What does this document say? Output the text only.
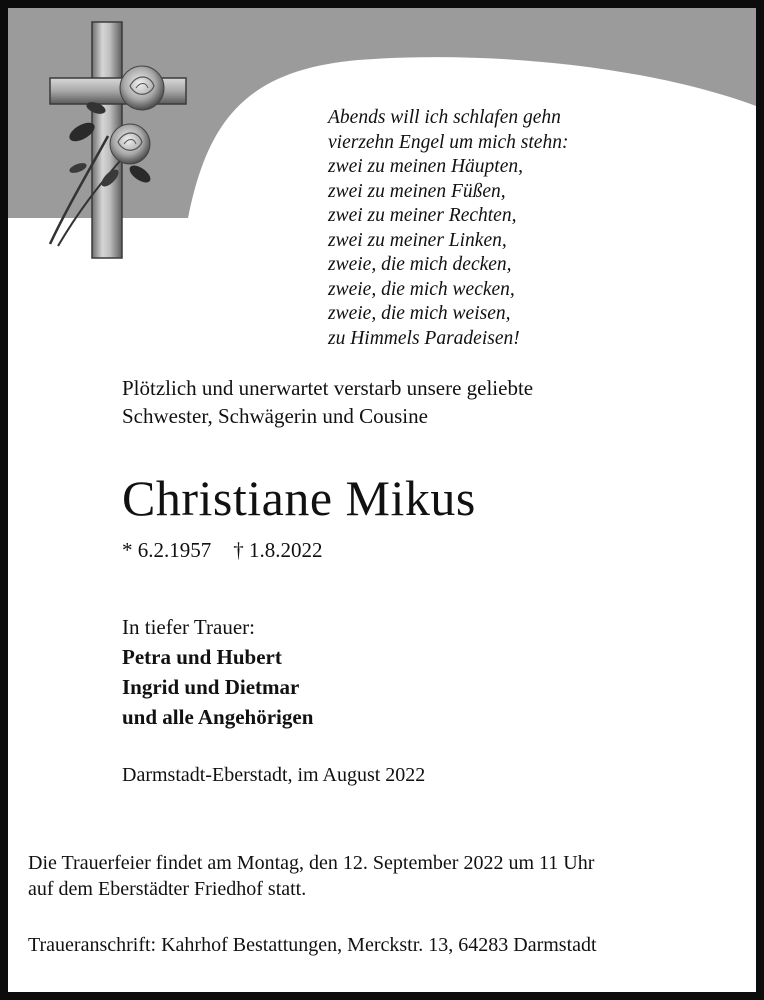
Abends will ich schlafen gehn
vierzehn Engel um mich stehn:
zwei zu meinen Häupten,
zwei zu meinen Füßen,
zwei zu meiner Rechten,
zwei zu meiner Linken,
zweie, die mich decken,
zweie, die mich wecken,
zweie, die mich weisen,
zu Himmels Paradeisen!
Plötzlich und unerwartet verstarb unsere geliebte
Schwester, Schwägerin und Cousine
Christiane Mikus
* 6.2.1957 † 1.8.2022
In tiefer Trauer:
Petra und Hubert
Ingrid und Dietmar
und alle Angehörigen
Darmstadt-Eberstadt, im August 2022
Die Trauerfeier findet am Montag, den 12. September 2022 um 11 Uhr
auf dem Eberstädter Friedhof statt.
Traueranschrift: Kahrhof Bestattungen, Merckstr. 13, 64283 Darmstadt
